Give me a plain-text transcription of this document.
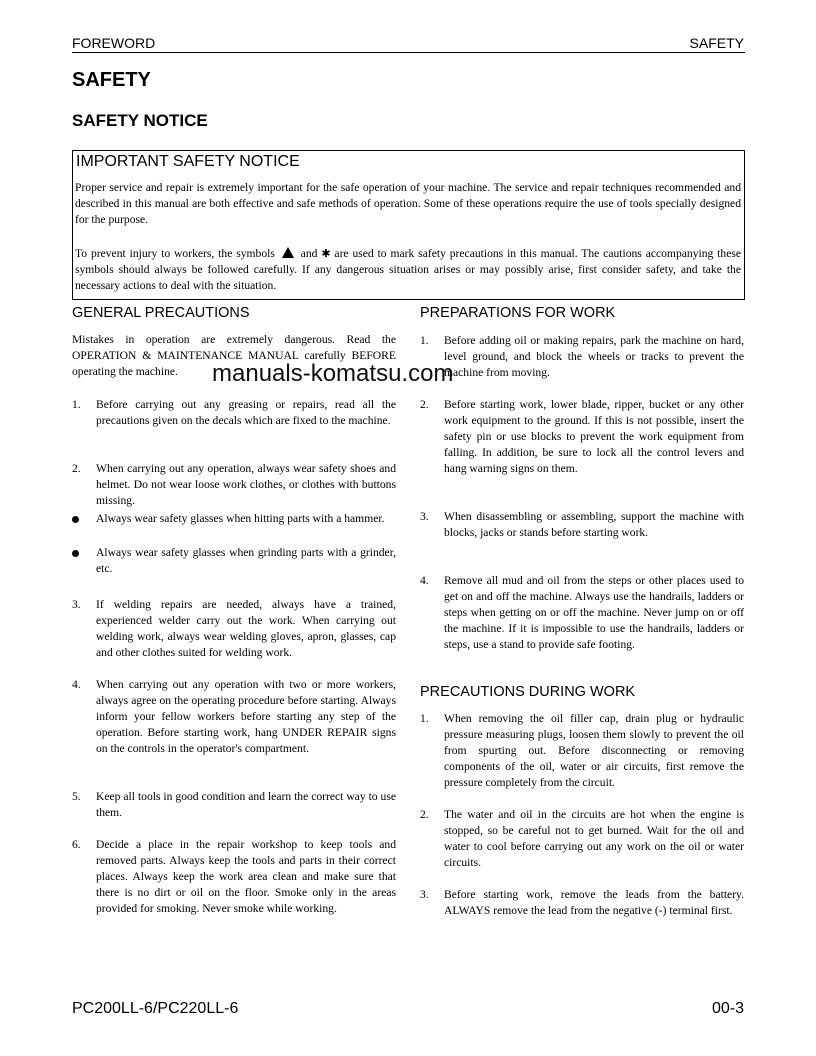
FOREWORD	SAFETY
SAFETY
SAFETY NOTICE
IMPORTANT SAFETY NOTICE

Proper service and repair is extremely important for the safe operation of your machine. The service and repair techniques recommended and described in this manual are both effective and safe methods of operation. Some of these operations require the use of tools specially designed for the purpose.

To prevent injury to workers, the symbols and ✱ are used to mark safety precautions in this manual. The cautions accompanying these symbols should always be followed carefully. If any dangerous situation arises or may possibly arise, first consider safety, and take the necessary actions to deal with the situation.

GENERAL PRECAUTIONS
Mistakes in operation are extremely dangerous. Read the OPERATION & MAINTENANCE MANUAL carefully BEFORE operating the machine.
PREPARATIONS FOR WORK
PRECAUTIONS DURING WORK
manuals-komatsu.com
PC200LL-6/PC220LL-6	00-3
1. Before carrying out any greasing or repairs, read all the precautions given on the decals which are fixed to the machine.
2. When carrying out any operation, always wear safety shoes and helmet. Do not wear loose work clothes, or clothes with buttons missing.
Always wear safety glasses when hitting parts with a hammer.
Always wear safety glasses when grinding parts with a grinder, etc.
3. If welding repairs are needed, always have a trained, experienced welder carry out the work. When carrying out welding work, always wear welding gloves, apron, glasses, cap and other clothes suited for welding work.
4. When carrying out any operation with two or more workers, always agree on the operating procedure before starting. Always inform your fellow workers before starting any step of the operation. Before starting work, hang UNDER REPAIR signs on the controls in the operator's compartment.
5. Keep all tools in good condition and learn the correct way to use them.
6. Decide a place in the repair workshop to keep tools and removed parts. Always keep the tools and parts in their correct places. Always keep the work area clean and make sure that there is no dirt or oil on the floor. Smoke only in the areas provided for smoking. Never smoke while working.
1. Before adding oil or making repairs, park the machine on hard, level ground, and block the wheels or tracks to prevent the machine from moving.
2. Before starting work, lower blade, ripper, bucket or any other work equipment to the ground. If this is not possible, insert the safety pin or use blocks to prevent the work equipment from falling. In addition, be sure to lock all the control levers and hang warning signs on them.
3. When disassembling or assembling, support the machine with blocks, jacks or stands before starting work.
4. Remove all mud and oil from the steps or other places used to get on and off the machine. Always use the handrails, ladders or steps when getting on or off the machine. Never jump on or off the machine. If it is impossible to use the handrails, ladders or steps, use a stand to provide safe footing.
1. When removing the oil filler cap, drain plug or hydraulic pressure measuring plugs, loosen them slowly to prevent the oil from spurting out. Before disconnecting or removing components of the oil, water or air circuits, first remove the pressure completely from the circuit.
2. The water and oil in the circuits are hot when the engine is stopped, so be careful not to get burned. Wait for the oil and water to cool before carrying out any work on the oil or water circuits.
3. Before starting work, remove the leads from the battery. ALWAYS remove the lead from the negative (-) terminal first.
